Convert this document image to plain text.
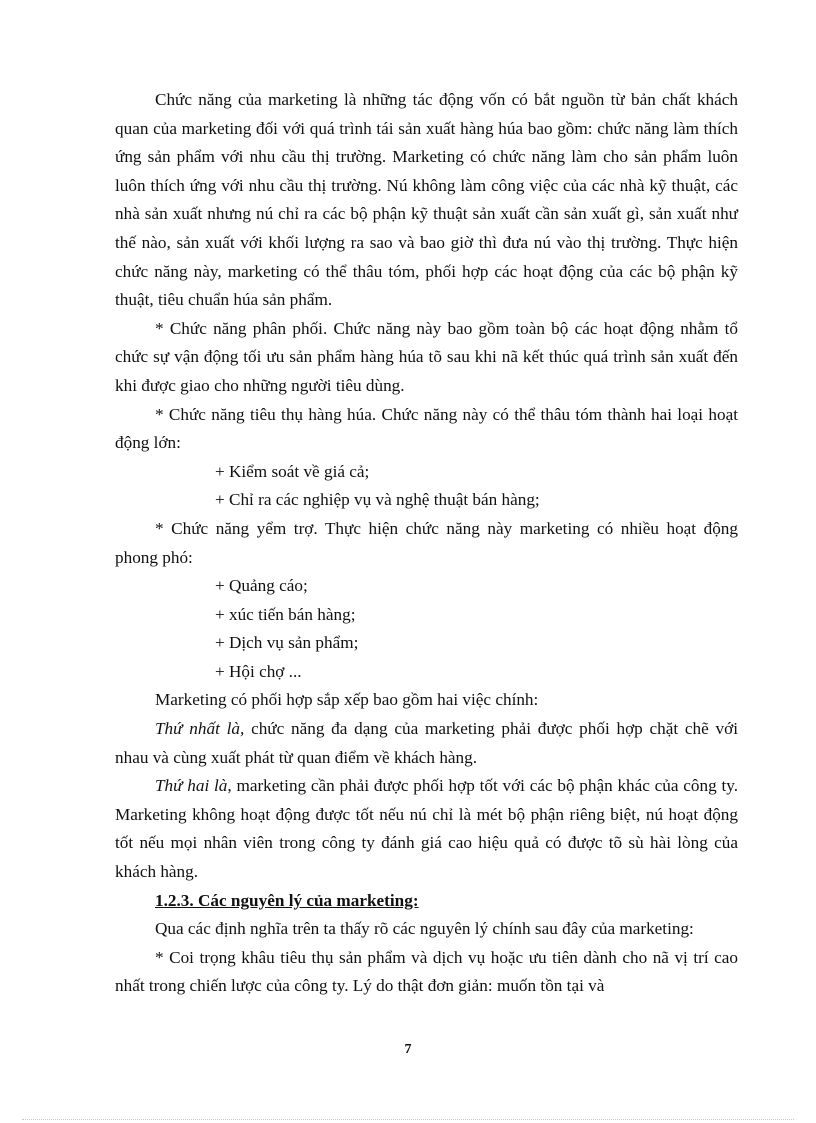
Chức năng của marketing là những tác động vốn có bắt nguồn từ bản chất khách quan của marketing đối với quá trình tái sản xuất hàng húa bao gồm: chức năng làm thích ứng sản phẩm với nhu cầu thị trường. Marketing có chức năng làm cho sản phẩm luôn luôn thích ứng với nhu cầu thị trường. Nú không làm công việc của các nhà kỹ thuật, các nhà sản xuất nhưng nú chỉ ra các bộ phận kỹ thuật sản xuất cần sản xuất gì, sản xuất như thế nào, sản xuất với khối lượng ra sao và bao giờ thì đưa nú vào thị trường. Thực hiện chức năng này, marketing có thể thâu tóm, phối hợp các hoạt động của các bộ phận kỹ thuật, tiêu chuẩn húa sản phẩm.

* Chức năng phân phối. Chức năng này bao gồm toàn bộ các hoạt động nhằm tổ chức sự vận động tối ưu sản phẩm hàng húa tõ sau khi nã kết thúc quá trình sản xuất đến khi được giao cho những người tiêu dùng.

* Chức năng tiêu thụ hàng húa. Chức năng này có thể thâu tóm thành hai loại hoạt động lớn:

+ Kiểm soát về giá cả;

+ Chỉ ra các nghiệp vụ và nghệ thuật bán hàng;

* Chức năng yểm trợ. Thực hiện chức năng này marketing có nhiều hoạt động phong phó:

+ Quảng cáo;

+ xúc tiến bán hàng;

+ Dịch vụ sản phẩm;

+ Hội chợ ...

Marketing có phối hợp sắp xếp bao gồm hai việc chính:

Thứ nhất là, chức năng đa dạng của marketing phải được phối hợp chặt chẽ với nhau và cùng xuất phát từ quan điểm về khách hàng.

Thứ hai là, marketing cần phải được phối hợp tốt với các bộ phận khác của công ty. Marketing không hoạt động được tốt nếu nú chỉ là mét bộ phận riêng biệt, nú hoạt động tốt nếu mọi nhân viên trong công ty đánh giá cao hiệu quả có được tõ sù hài lòng của khách hàng.

1.2.3. Các nguyên lý của marketing:

Qua các định nghĩa trên ta thấy rõ các nguyên lý chính sau đây của marketing:

* Coi trọng khâu tiêu thụ sản phẩm và dịch vụ hoặc ưu tiên dành cho nã vị trí cao nhất trong chiến lược của công ty. Lý do thật đơn giản: muốn tồn tại và

7
